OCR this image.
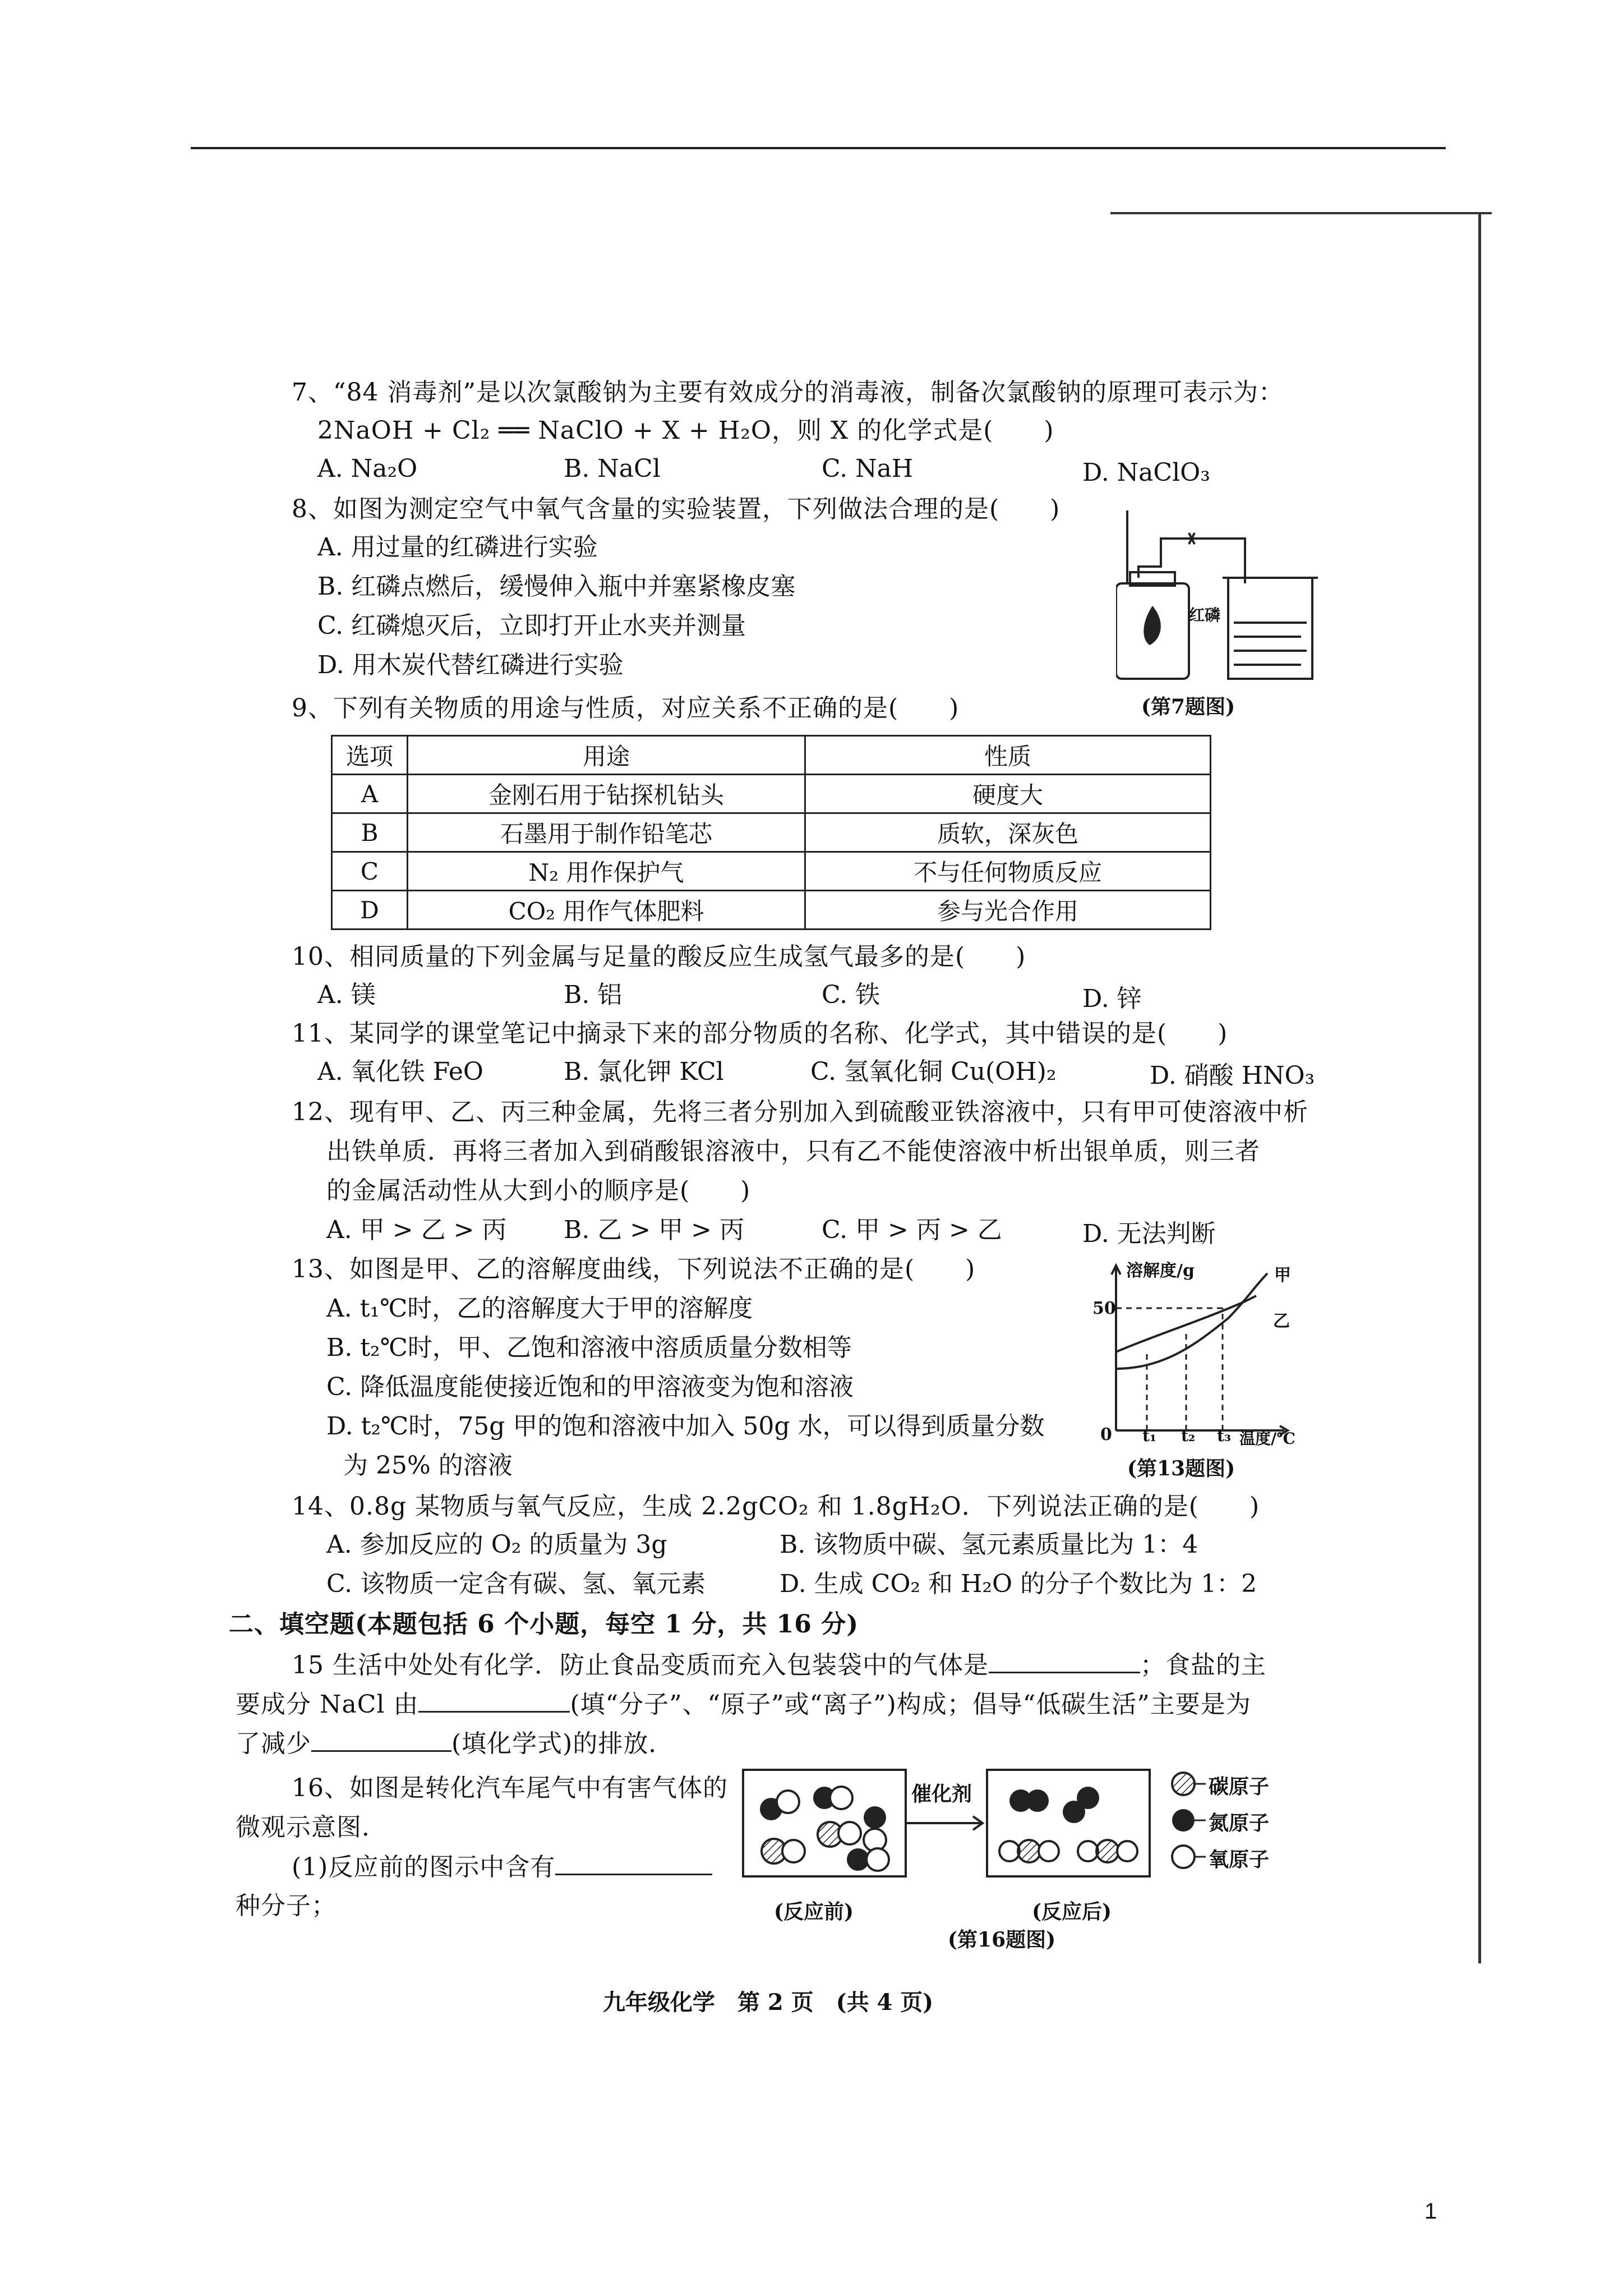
7、“84 消毒剂”是以次氯酸钠为主要有效成分的消毒液，制备次氯酸钠的原理可表示为：
2NaOH + Cl₂ ══ NaClO + X + H₂O，则 X 的化学式是(　　)
A. Na₂O	B. NaCl	C. NaH	D. NaClO₃
8、如图为测定空气中氧气含量的实验装置，下列做法合理的是(　　)
A. 用过量的红磷进行实验
B. 红磷点燃后，缓慢伸入瓶中并塞紧橡皮塞
C. 红磷熄灭后，立即打开止水夹并测量
D. 用木炭代替红磷进行实验
红磷
(第7题图)
9、下列有关物质的用途与性质，对应关系不正确的是(　　)
选项	用途	性质
A	金刚石用于钻探机钻头	硬度大
B	石墨用于制作铅笔芯	质软，深灰色
C	N₂ 用作保护气	不与任何物质反应
D	CO₂ 用作气体肥料	参与光合作用
10、相同质量的下列金属与足量的酸反应生成氢气最多的是(　　)
A. 镁	B. 铝	C. 铁	D. 锌
11、某同学的课堂笔记中摘录下来的部分物质的名称、化学式，其中错误的是(　　)
A. 氧化铁 FeO	B. 氯化钾 KCl	C. 氢氧化铜 Cu(OH)₂	D. 硝酸 HNO₃
12、现有甲、乙、丙三种金属，先将三者分别加入到硫酸亚铁溶液中，只有甲可使溶液中析
出铁单质．再将三者加入到硝酸银溶液中，只有乙不能使溶液中析出银单质，则三者
的金属活动性从大到小的顺序是(　　)
A. 甲 > 乙 > 丙 B. 乙 > 甲 > 丙	C. 甲 > 丙 > 乙	D. 无法判断
13、如图是甲、乙的溶解度曲线，下列说法不正确的是(　　)
A. t₁℃时，乙的溶解度大于甲的溶解度
B. t₂℃时，甲、乙饱和溶液中溶质质量分数相等
C. 降低温度能使接近饱和的甲溶液变为饱和溶液
D. t₂℃时，75g 甲的饱和溶液中加入 50g 水，可以得到质量分数
为 25% 的溶液
溶解度/g	甲
乙
50
0 t₁ t₂ t₃ 温度/℃
(第13题图)
14、0.8g 某物质与氧气反应，生成 2.2gCO₂ 和 1.8gH₂O．下列说法正确的是(　　)
A. 参加反应的 O₂ 的质量为 3g	B. 该物质中碳、氢元素质量比为 1：4
C. 该物质一定含有碳、氢、氧元素	D. 生成 CO₂ 和 H₂O 的分子个数比为 1：2
二、填空题(本题包括 6 个小题，每空 1 分，共 16 分)
15 生活中处处有化学．防止食品变质而充入包装袋中的气体是	；食盐的主
要成分 NaCl 由	(填“分子”、“原子”或“离子”)构成；倡导“低碳生活”主要是为
了减少	(填化学式)的排放．
16、如图是转化汽车尾气中有害气体的
微观示意图．
(1)反应前的图示中含有
种分子；
催化剂	碳原子
氮原子
氧原子
(反应前)	(反应后)
(第16题图)
九年级化学　第 2 页　(共 4 页)
1
